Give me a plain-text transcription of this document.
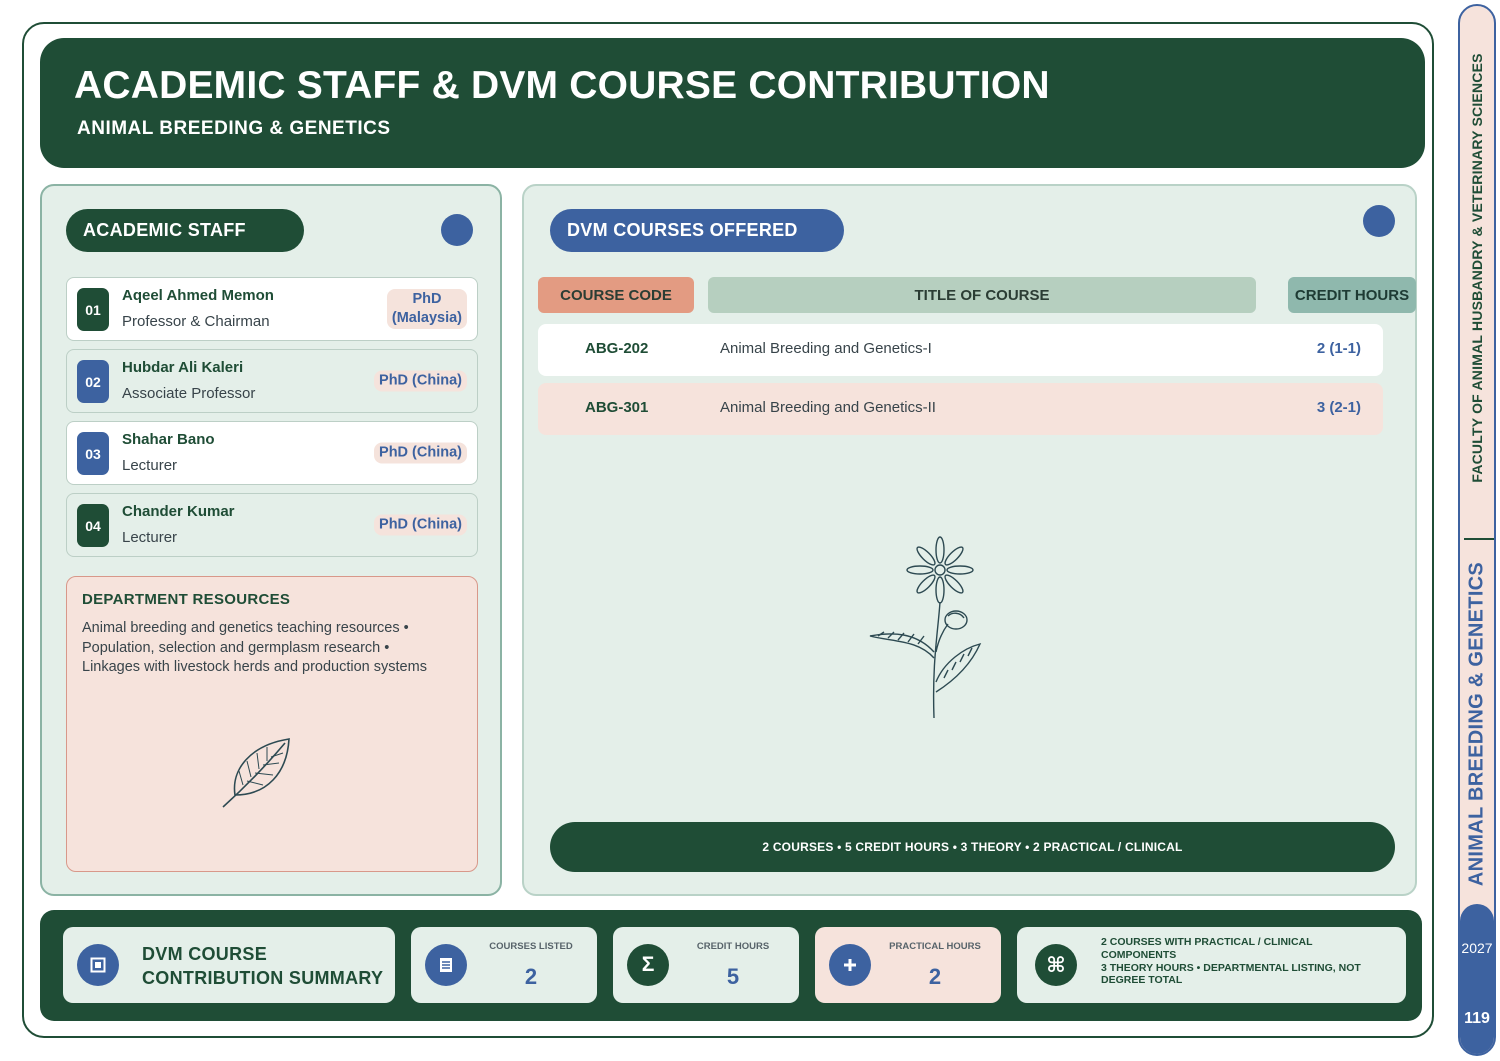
ACADEMIC STAFF & DVM COURSE CONTRIBUTION
ANIMAL BREEDING & GENETICS
ACADEMIC STAFF
01
Aqeel Ahmed Memon
Professor & Chairman
PhD
(Malaysia)
02
Hubdar Ali Kaleri
Associate Professor
PhD (China)
03
Shahar Bano
Lecturer
PhD (China)
04
Chander Kumar
Lecturer
PhD (China)
DEPARTMENT RESOURCES

Animal breeding and genetics teaching resources •
Population, selection and germplasm research •
Linkages with livestock herds and production systems

DVM COURSES OFFERED
COURSE CODE	TITLE OF COURSE	CREDIT HOURS
ABG-202	Animal Breeding and Genetics-I	2 (1-1)
ABG-301	Animal Breeding and Genetics-II	3 (2-1)
2 COURSES • 5 CREDIT HOURS • 3 THEORY • 2 PRACTICAL / CLINICAL
DVM COURSE
CONTRIBUTION SUMMARY
COURSES LISTED
2	Σ
CREDIT HOURS
5
PRACTICAL HOURS
2	⌘
2 COURSES WITH PRACTICAL / CLINICAL
COMPONENTS
3 THEORY HOURS • DEPARTMENTAL LISTING, NOT
DEGREE TOTAL
FACULTY OF ANIMAL HUSBANDRY & VETERINARY SCIENCES
ANIMAL BREEDING & GENETICS
2027
119
